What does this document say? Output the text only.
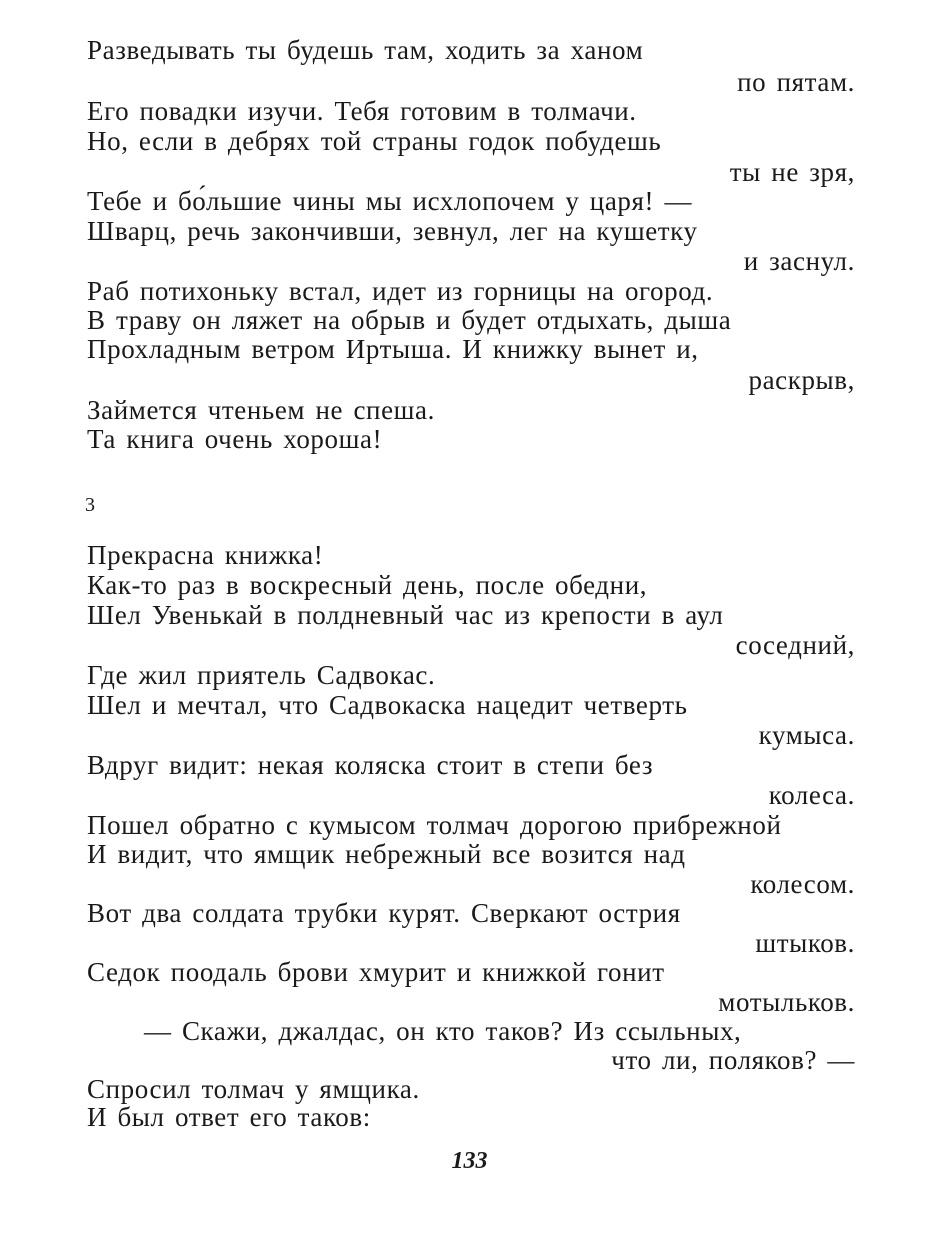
Разведывать ты будешь там, ходить за ханом
по пятам.
Его повадки изучи. Тебя готовим в толмачи.
Но, если в дебрях той страны годок побудешь
ты не зря,
Тебе и бо́льшие чины мы исхлопочем у царя! —
Шварц, речь закончивши, зевнул, лег на кушетку
и заснул.
Раб потихоньку встал, идет из горницы на огород.
В траву он ляжет на обрыв и будет отдыхать, дыша
Прохладным ветром Иртыша. И книжку вынет и,
раскрыв,
Займется чтеньем не спеша.
Та книга очень хороша!
3
Прекрасна книжка!
Как-то раз в воскресный день, после обедни,
Шел Увенькай в полдневный час из крепости в аул
соседний,
Где жил приятель Садвокас.
Шел и мечтал, что Садвокаска нацедит четверть
кумыса.
Вдруг видит: некая коляска стоит в степи без
колеса.
Пошел обратно с кумысом толмач дорогою прибрежной
И видит, что ямщик небрежный все возится над
колесом.
Вот два солдата трубки курят. Сверкают острия
штыков.
Седок поодаль брови хмурит и книжкой гонит
мотыльков.
— Скажи, джалдас, он кто таков? Из ссыльных,
что ли, поляков? —
Спросил толмач у ямщика.
И был ответ его таков:
133
